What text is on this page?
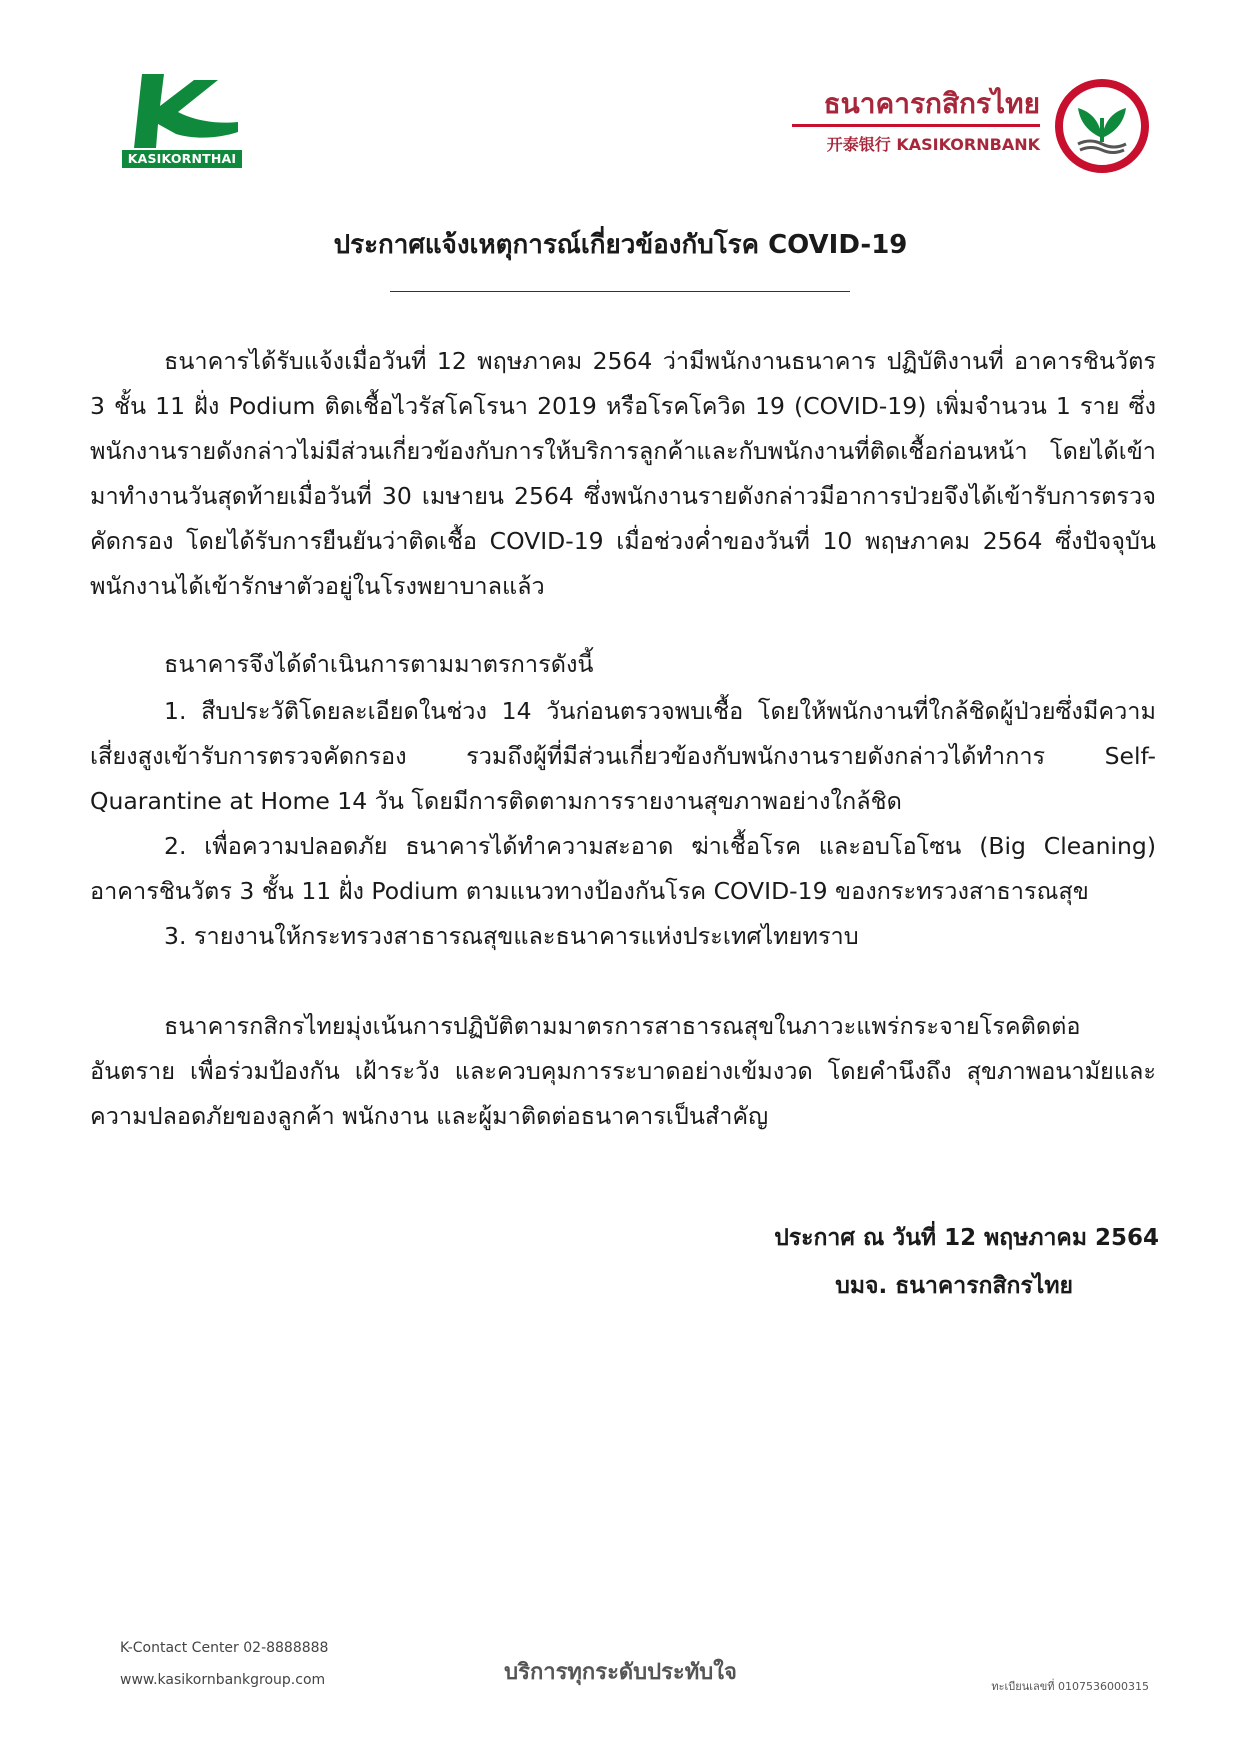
KASIKORNTHAI
ธนาคารกสิกรไทย
开泰银行 KASIKORNBANK
ประกาศแจ้งเหตุการณ์เกี่ยวข้องกับโรค COVID-19

ธนาคารได้รับแจ้งเมื่อวันที่ 12 พฤษภาคม 2564 ว่ามีพนักงานธนาคาร ปฏิบัติงานที่ อาคารชินวัตร 3 ชั้น 11 ฝั่ง Podium ติดเชื้อไวรัสโคโรนา 2019 หรือโรคโควิด 19 (COVID-19) เพิ่มจำนวน 1 ราย ซึ่งพนักงานรายดังกล่าวไม่มีส่วนเกี่ยวข้องกับการให้บริการลูกค้าและกับพนักงานที่ติดเชื้อก่อนหน้า โดยได้เข้ามาทำงานวันสุดท้ายเมื่อวันที่ 30 เมษายน 2564 ซึ่งพนักงานรายดังกล่าวมีอาการป่วยจึงได้เข้ารับการตรวจคัดกรอง โดยได้รับการยืนยันว่าติดเชื้อ COVID-19 เมื่อช่วงค่ำของวันที่ 10 พฤษภาคม 2564 ซึ่งปัจจุบันพนักงานได้เข้ารักษาตัวอยู่ในโรงพยาบาลแล้ว

ธนาคารจึงได้ดำเนินการตามมาตรการดังนี้

1. สืบประวัติโดยละเอียดในช่วง 14 วันก่อนตรวจพบเชื้อ โดยให้พนักงานที่ใกล้ชิดผู้ป่วยซึ่งมีความเสี่ยงสูงเข้ารับการตรวจคัดกรอง รวมถึงผู้ที่มีส่วนเกี่ยวข้องกับพนักงานรายดังกล่าวได้ทำการ Self-Quarantine at Home 14 วัน โดยมีการติดตามการรายงานสุขภาพอย่างใกล้ชิด

2. เพื่อความปลอดภัย ธนาคารได้ทำความสะอาด ฆ่าเชื้อโรค และอบโอโซน (Big Cleaning) อาคารชินวัตร 3 ชั้น 11 ฝั่ง Podium ตามแนวทางป้องกันโรค COVID-19 ของกระทรวงสาธารณสุข

3. รายงานให้กระทรวงสาธารณสุขและธนาคารแห่งประเทศไทยทราบ

ธนาคารกสิกรไทยมุ่งเน้นการปฏิบัติตามมาตรการสาธารณสุขในภาวะแพร่กระจายโรคติดต่ออันตราย เพื่อร่วมป้องกัน เฝ้าระวัง และควบคุมการระบาดอย่างเข้มงวด โดยคำนึงถึง สุขภาพอนามัยและความปลอดภัยของลูกค้า พนักงาน และผู้มาติดต่อธนาคารเป็นสำคัญ

ประกาศ ณ วันที่ 12 พฤษภาคม 2564
บมจ. ธนาคารกสิกรไทย
K-Contact Center 02-8888888
www.kasikornbankgroup.com	บริการทุกระดับประทับใจ
ทะเบียนเลขที่ 0107536000315
